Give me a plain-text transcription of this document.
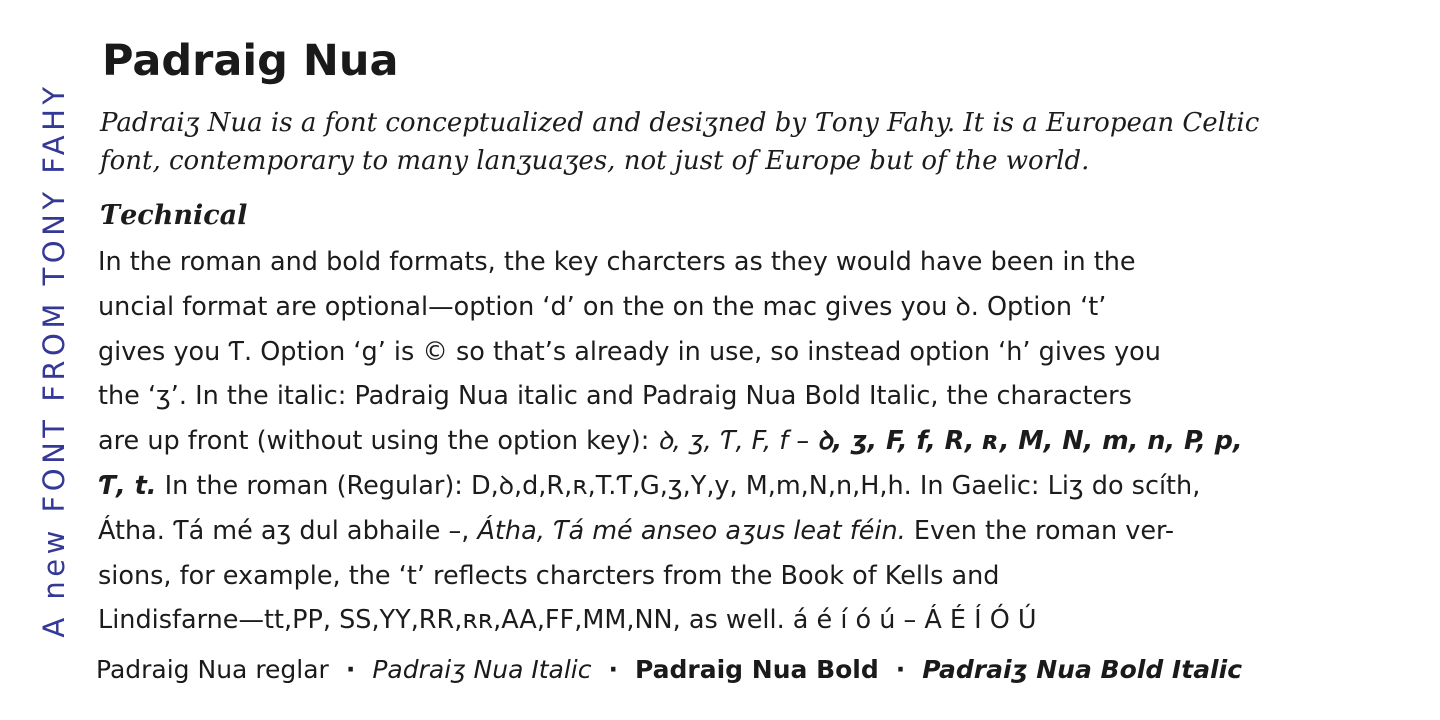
A new FONT FROM TONY FAHY
Padraig Nua

Padraiʒ Nua is a font conceptualized and desiʒned by Ƭony Fahy. It is a European Celtic
font, contemporary to many lanʒuaʒes, not just of Europe but of the world.

Ƭechnical
In the roman and bold formats, the key charcters as they would have been in the
uncial format are optional—option ‘d’ on the on the mac gives you ꝺ. Option ‘t’
gives you Ƭ. Option ‘g’ is © so that’s already in use, so instead option ‘h’ gives you
the ‘ʒ’. In the italic: Padraig Nua italic and Padraig Nua Bold Italic, the characters
are up front (without using the option key): ꝺ, ʒ, Ƭ, F, f – ꝺ, ʒ, F, f, R, ʀ, M, N, m, n, P, p,
Ƭ, t. In the roman (Regular): D,ꝺ,d,R,ʀ,T.Ƭ,G,ʒ,Y,y, M,m,N,n,H,h. In Gaelic: Liʒ do scíth,
Átha. Ƭá mé aʒ dul abhaile –, Átha, Ƭá mé anseo aʒus leat féin. Even the roman ver-
sions, for example, the ‘t’ reflects charcters from the Book of Kells and
Lindisfarne—tt,PP, SS,YY,RR,ʀʀ,AA,FF,MM,NN, as well. á é í ó ú – Á É Í Ó Ú
Padraig Nua reglar · Padraiʒ Nua Italic · Padraig Nua Bold · Padraiʒ Nua Bold Italic
